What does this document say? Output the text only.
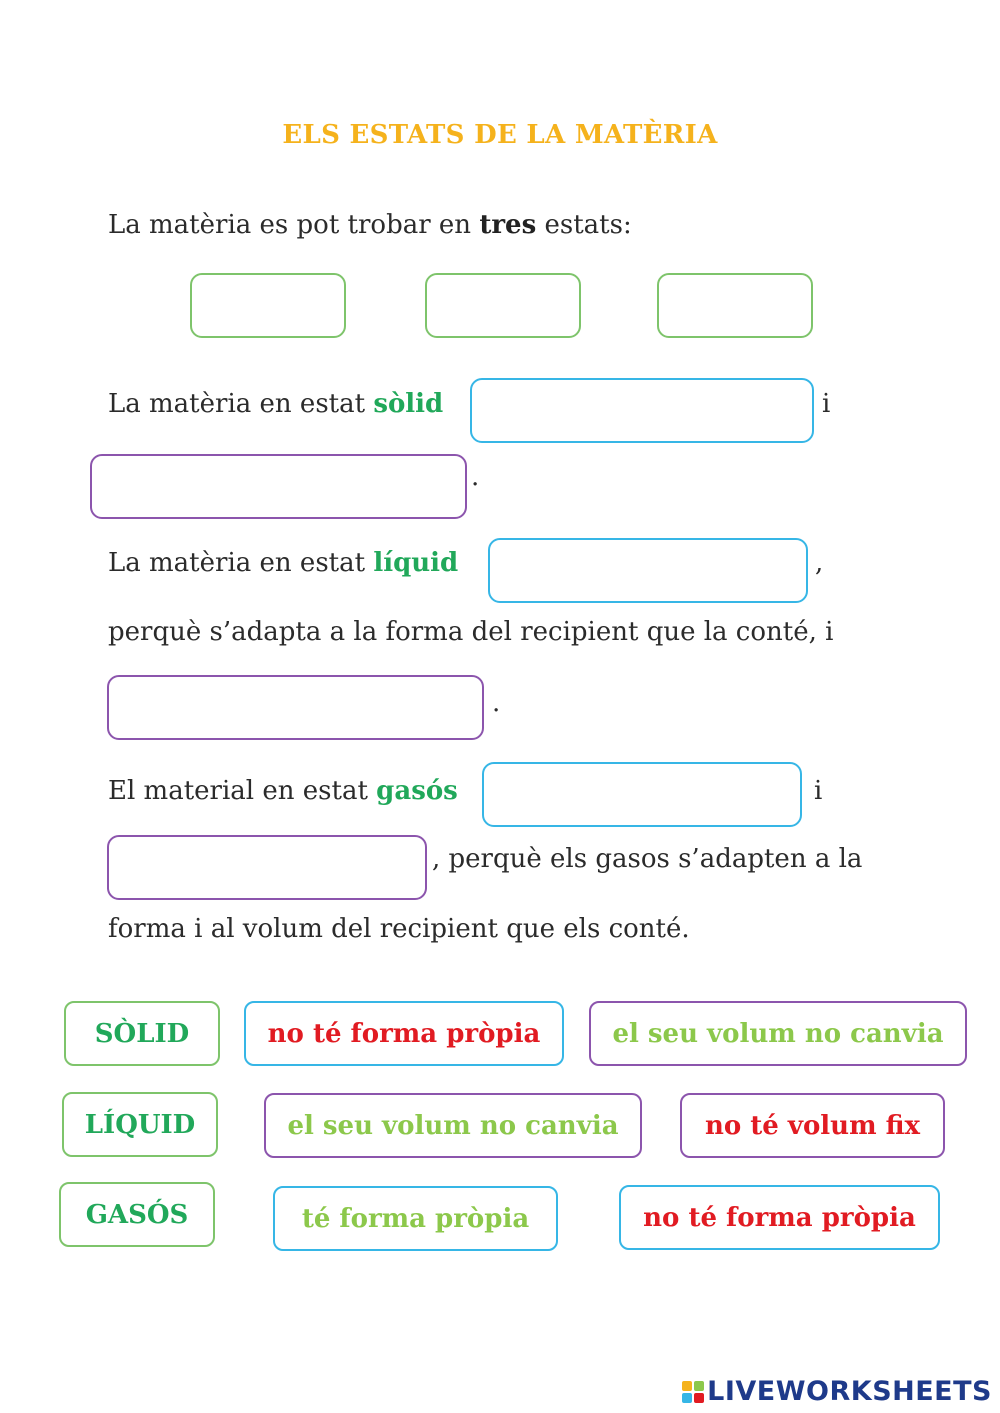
ELS ESTATS DE LA MATÈRIA
La matèria es pot trobar en tres estats:
La matèria en estat sòlid	i
.
La matèria en estat líquid	,
perquè s’adapta a la forma del recipient que la conté, i
.
El material en estat gasós	i
, perquè els gasos s’adapten a la
forma i al volum del recipient que els conté.
SÒLID	no té forma pròpia	el seu volum no canvia
LÍQUID	el seu volum no canvia	no té volum fix
GASÓS	té forma pròpia	no té forma pròpia
LIVEWORKSHEETS
